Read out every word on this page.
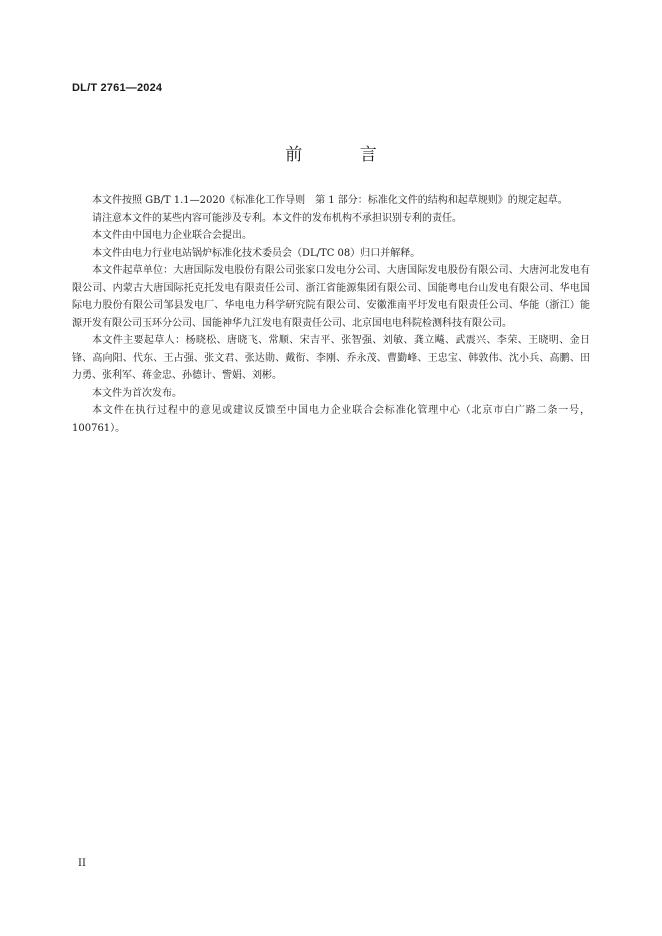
DL/T 2761—2024
前 言

本文件按照 GB/T 1.1—2020《标准化工作导则　第 1 部分：标准化文件的结构和起草规则》的规定起草。

请注意本文件的某些内容可能涉及专利。本文件的发布机构不承担识别专利的责任。

本文件由中国电力企业联合会提出。

本文件由电力行业电站锅炉标准化技术委员会（DL/TC 08）归口并解释。

本文件起草单位：大唐国际发电股份有限公司张家口发电分公司、大唐国际发电股份有限公司、大唐河北发电有限公司、内蒙古大唐国际托克托发电有限责任公司、浙江省能源集团有限公司、国能粤电台山发电有限公司、华电国际电力股份有限公司邹县发电厂、华电电力科学研究院有限公司、安徽淮南平圩发电有限责任公司、华能（浙江）能源开发有限公司玉环分公司、国能神华九江发电有限责任公司、北京国电电科院检测科技有限公司。

本文件主要起草人：杨晓松、唐晓飞、常顺、宋吉平、张智强、刘敏、龚立飚、武震兴、李荣、王晓明、金日锋、高向阳、代东、王占强、张文君、张达勋、戴衔、李刚、乔永茂、曹勤峰、王忠宝、韩敦伟、沈小兵、高鹏、田力勇、张利军、蒋金忠、孙德计、訾娟、刘彬。

本文件为首次发布。

本文件在执行过程中的意见或建议反馈至中国电力企业联合会标准化管理中心（北京市白广路二条一号，100761）。

II
